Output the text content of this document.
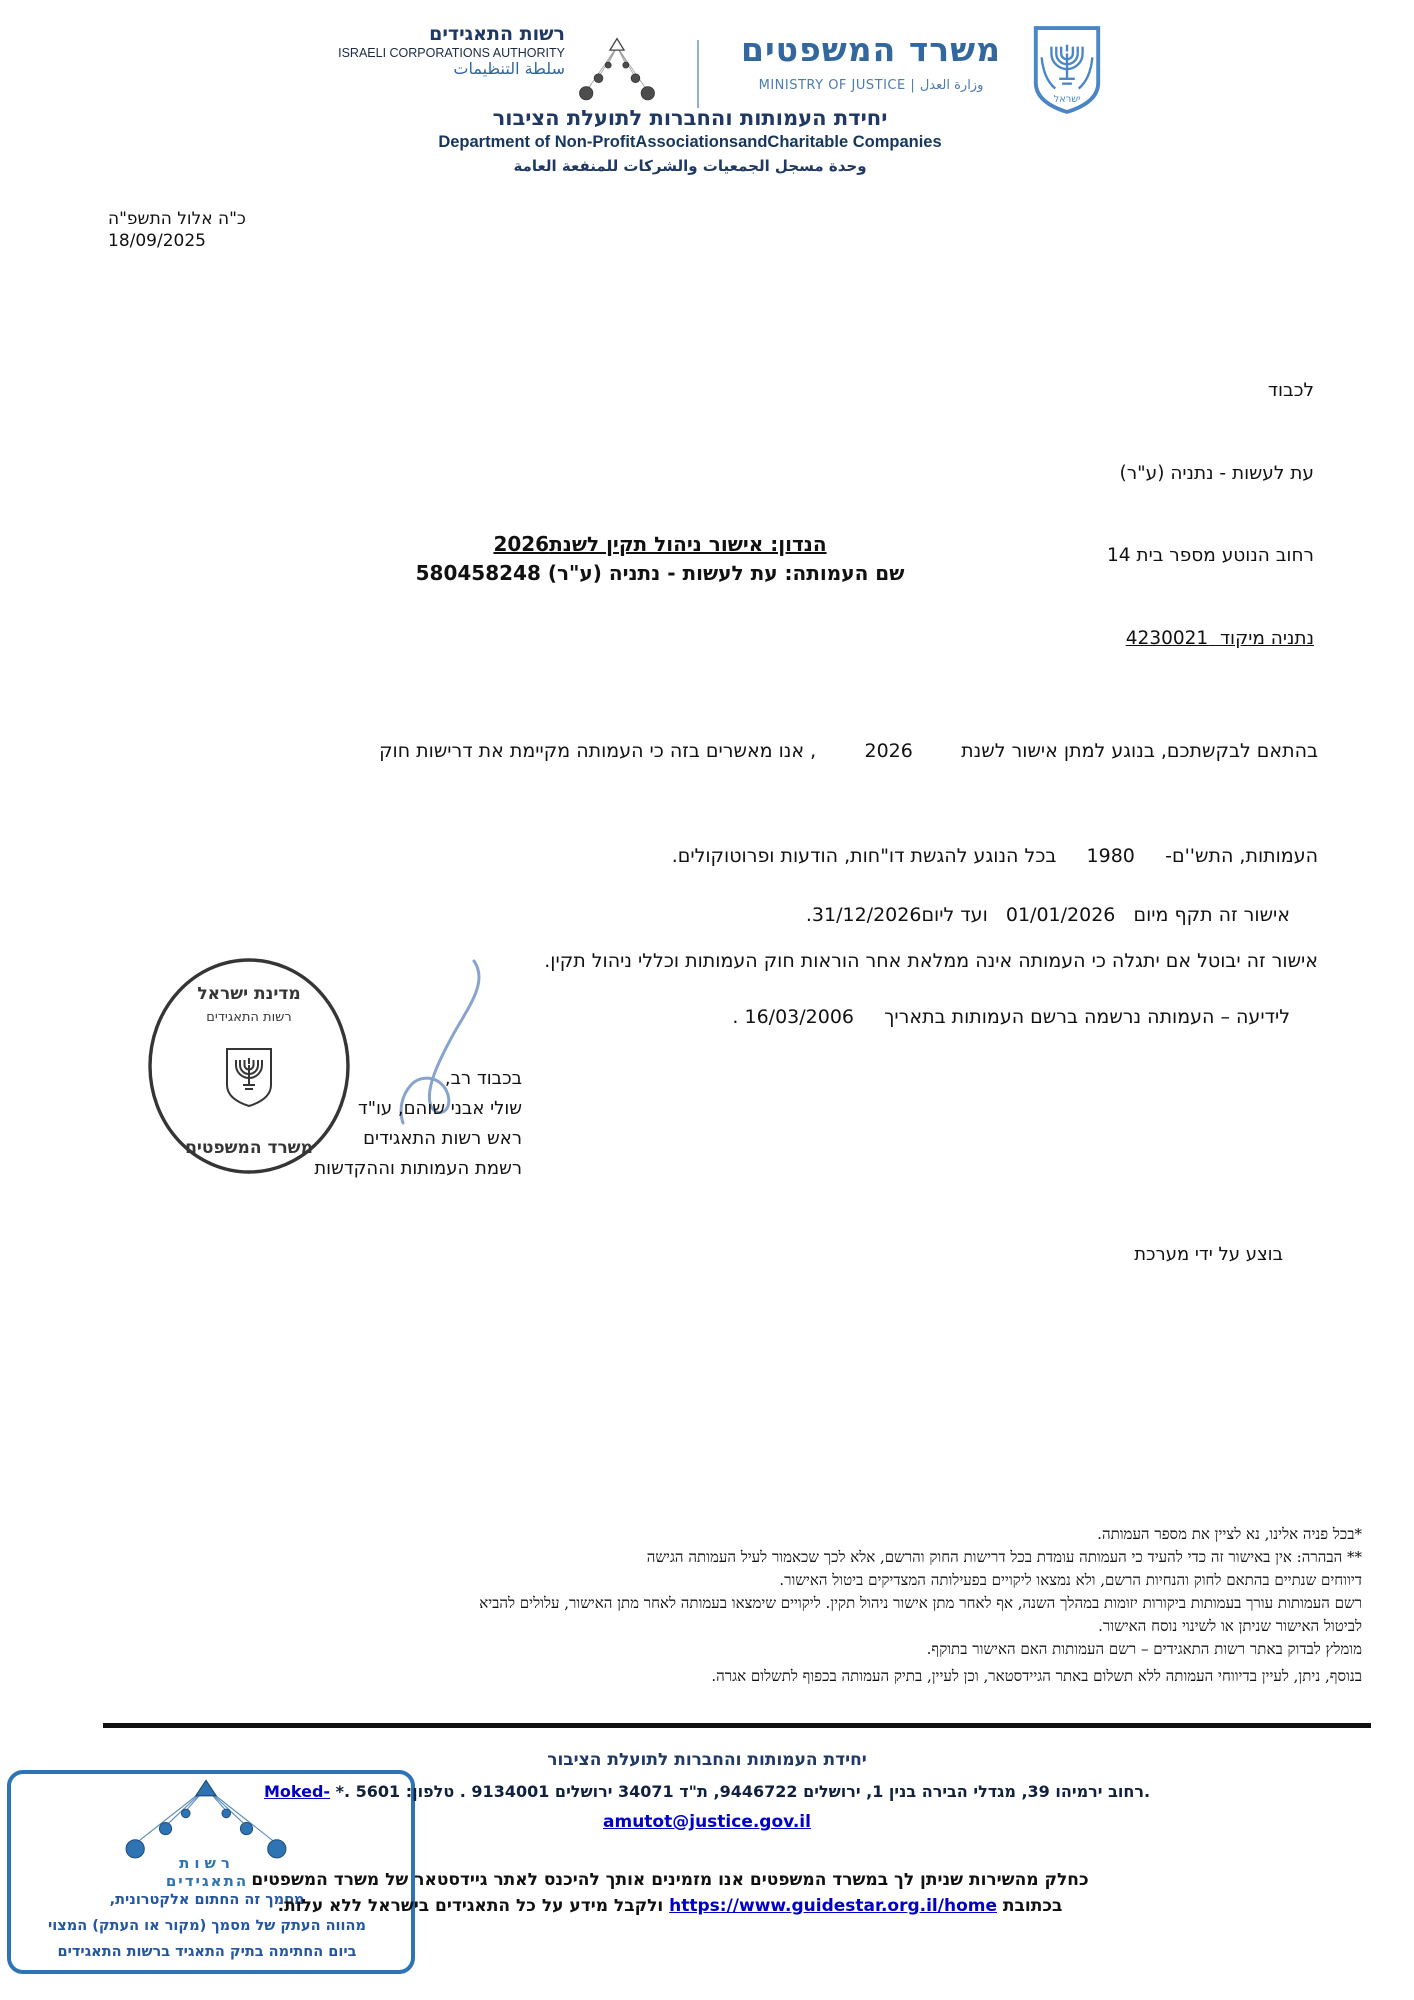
רשות התאגידים
ISRAELI CORPORATIONS AUTHORITY
سلطة التنظيمات	משרד המשפטים
MINISTRY OF JUSTICE | وزارة العدل
ישראל
יחידת העמותות והחברות לתועלת הציבור
Department of Non-ProfitAssociationsandCharitable Companies
وحدة مسجل الجمعيات والشركات للمنفعة العامة
כ"ה אלול התשפ"ה
18/09/2025

לכבוד

עת לעשות - נתניה (ע"ר)

רחוב הנוטע מספר בית 14

נתניה מיקוד  4230021

הנדון: אישור ניהול תקין לשנת2026
שם העמותה: עת לעשות - נתניה (ע"ר) 580458248

בהתאם לבקשתכם, בנוגע למתן אישור לשנת        2026        , אנו מאשרים בזה כי העמותה מקיימת את דרישות חוק

העמותות, התש''ם-     1980     בכל הנוגע להגשת דו"חות, הודעות ופרוטוקולים.

אישור זה יבוטל אם יתגלה כי העמותה אינה ממלאת אחר הוראות חוק העמותות וכללי ניהול תקין.

אישור זה תקף מיום   01/01/2026   ועד ליום31/12/2026.

לידיעה – העמותה נרשמה ברשם העמותות בתאריך     16/03/2006 .

מדינת ישראל
רשות התאגידים
משרד המשפטים
בכבוד רב,
שולי אבני שוהם, עו"ד
ראש רשות התאגידים
רשמת העמותות וההקדשות
בוצע על ידי מערכת
*בכל פניה אלינו, נא לציין את מספר העמותה.
** הבהרה: אין באישור זה כדי להעיד כי העמותה עומדת בכל דרישות החוק והרשם, אלא לכך שכאמור לעיל העמותה הגישה
דיווחים שנתיים בהתאם לחוק והנחיות הרשם, ולא נמצאו ליקויים בפעילותה המצדיקים ביטול האישור.
רשם העמותות עורך בעמותות ביקורות יזומות במהלך השנה, אף לאחר מתן אישור ניהול תקין. ליקויים שימצאו בעמותה לאחר מתן האישור, עלולים להביא
לביטול האישור שניתן או לשינוי נוסח האישור.
מומלץ לבדוק באתר רשות התאגידים – רשם העמותות האם האישור בתוקף.
בנוסף, ניתן, לעיין בדיווחי העמותה ללא תשלום באתר הגיידסטאר, וכן לעיין, בתיק העמותה בכפוף לתשלום אגרה.
רשות
התאגידים
מסמך זה החתום אלקטרונית,
מהווה העתק של מסמך (מקור או העתק) המצוי
ביום החתימה בתיק התאגיד ברשות התאגידים
יחידת העמותות והחברות לתועלת הציבור
.רחוב ירמיהו 39, מגדלי הבירה בנין 1, ירושלים 9446722, ת"ד 34071 ירושלים 9134001 . טלפון: *. 5601 Moked-
amutot@justice.gov.il
כחלק מהשירות שניתן לך במשרד המשפטים אנו מזמינים אותך להיכנס לאתר גיידסטאר של משרד המשפטים
בכתובת https://www.guidestar.org.il/home ולקבל מידע על כל התאגידים בישראל ללא עלות.
